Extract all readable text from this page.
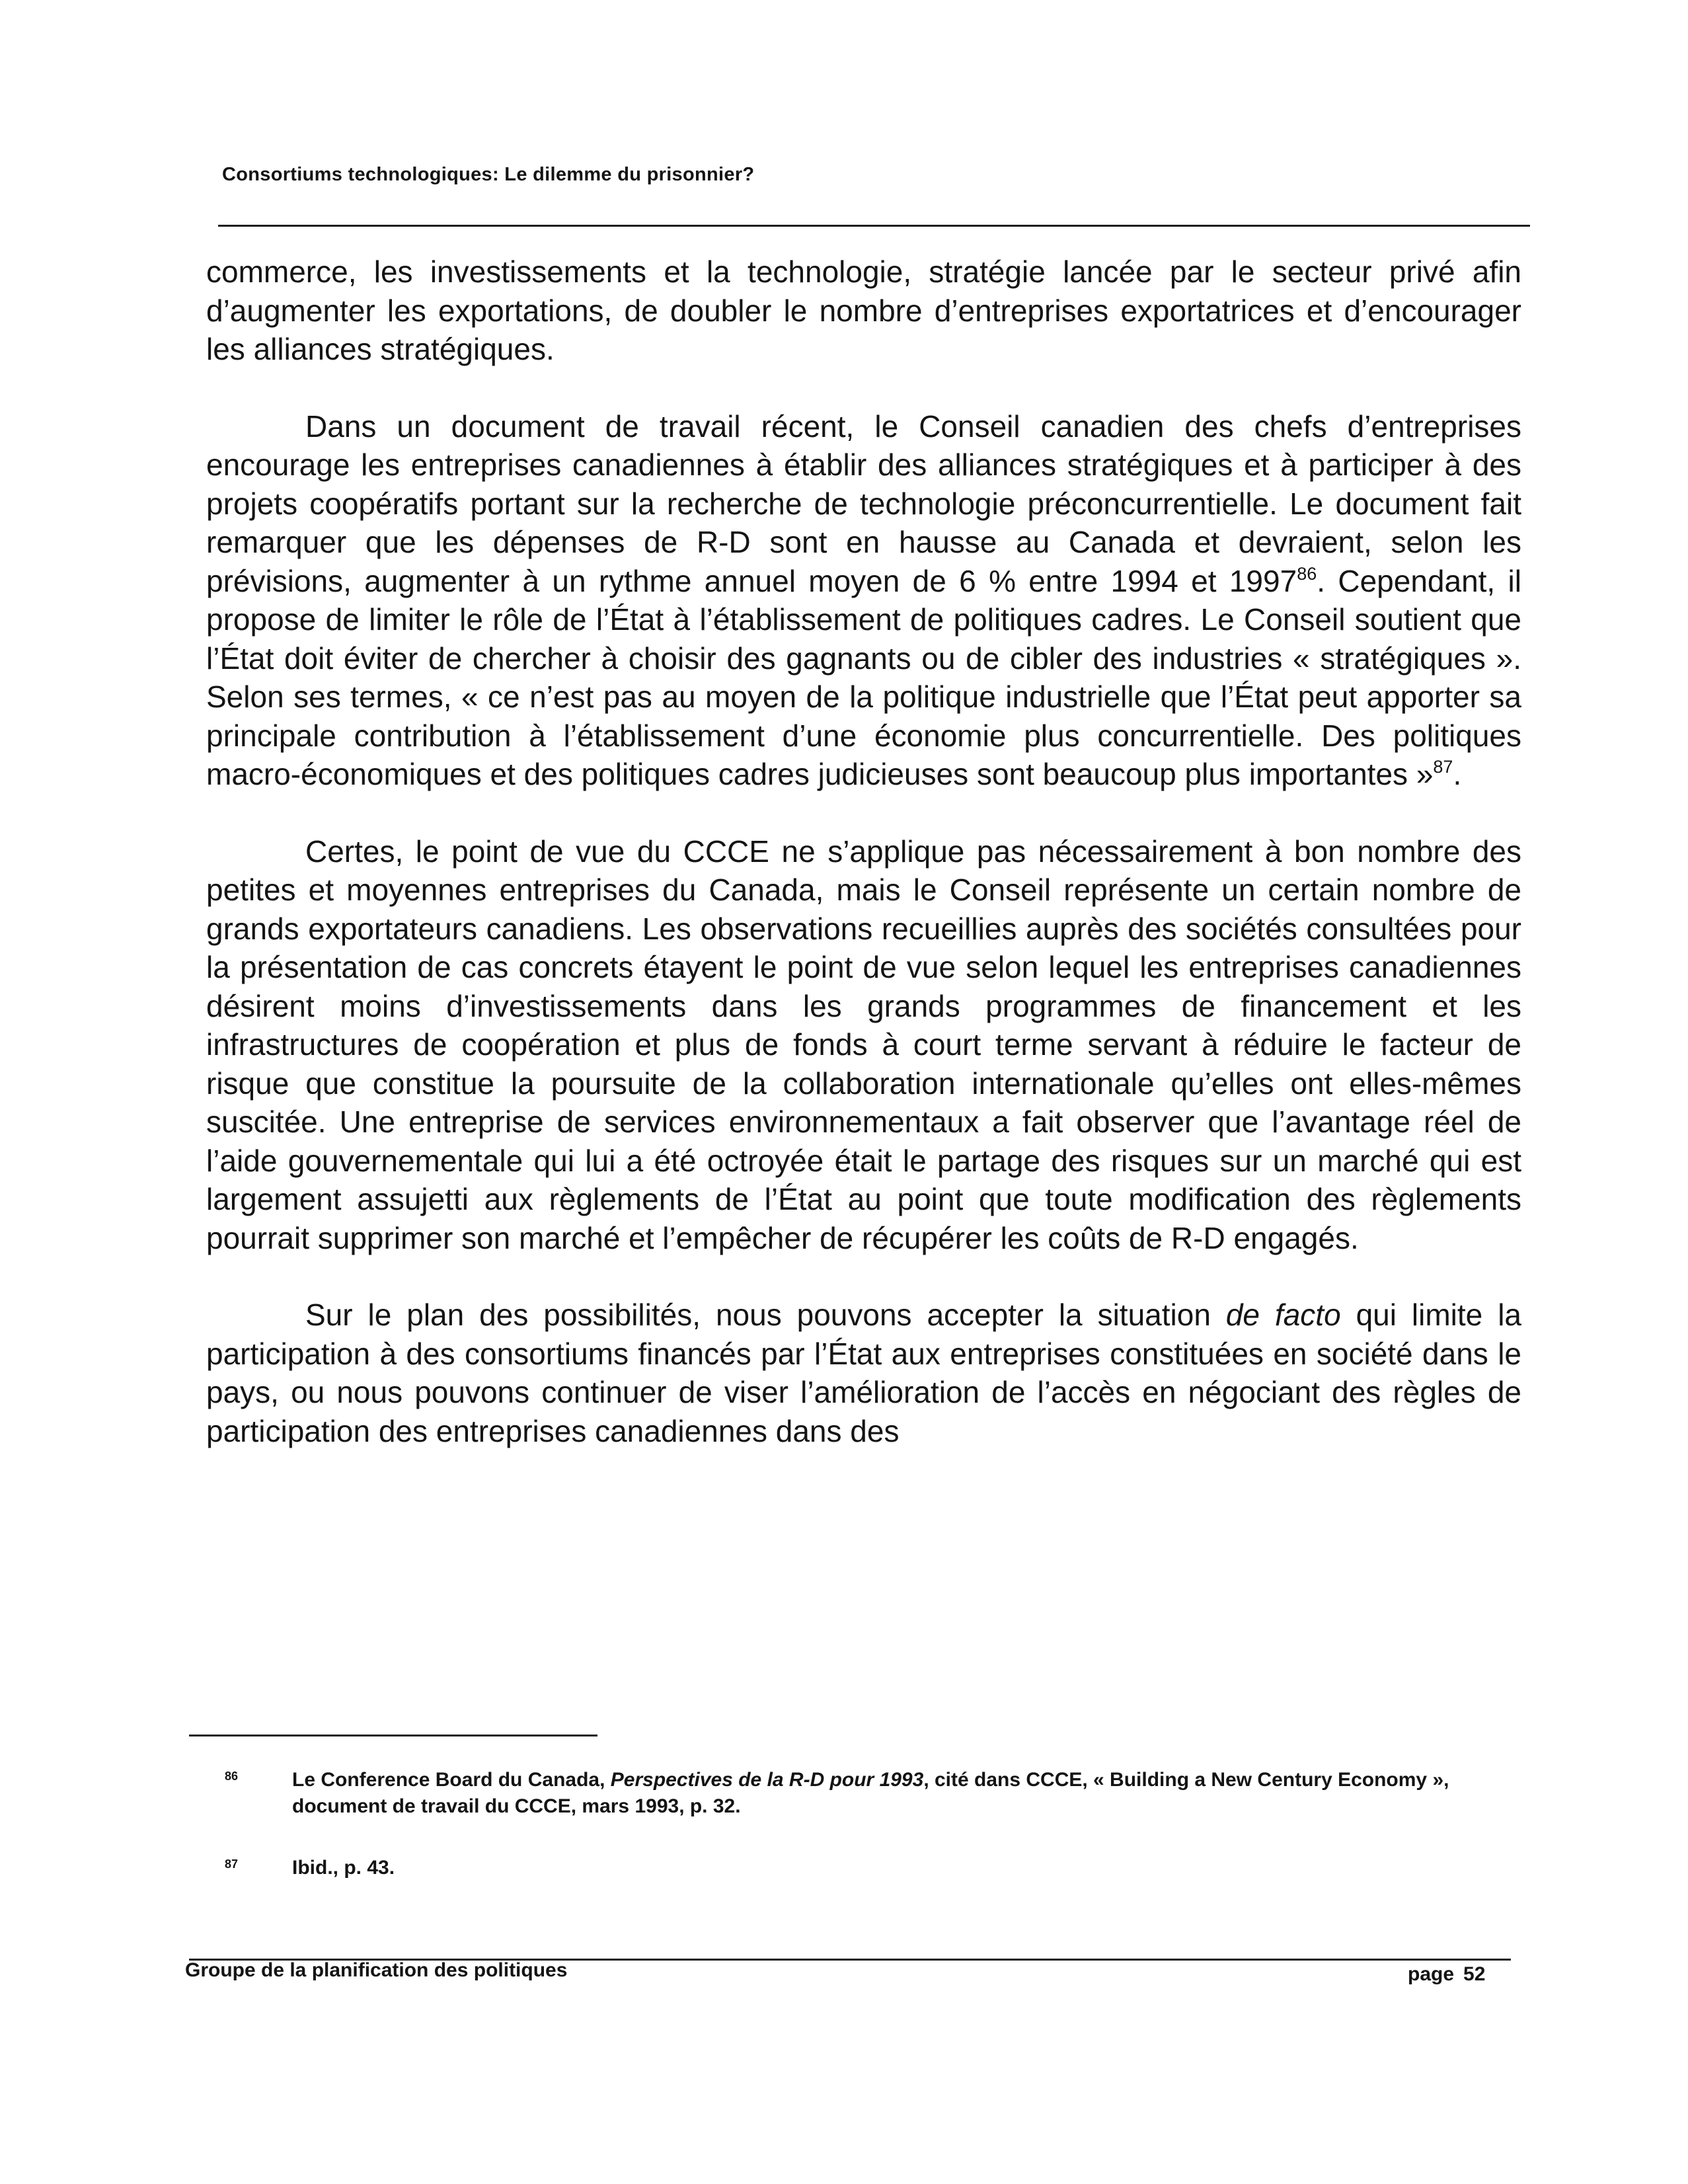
Consortiums technologiques: Le dilemme du prisonnier?

commerce, les investissements et la technologie, stratégie lancée par le secteur privé afin d’augmenter les exportations, de doubler le nombre d’entreprises exportatrices et d’encourager les alliances stratégiques.

Dans un document de travail récent, le Conseil canadien des chefs d’entreprises encourage les entreprises canadiennes à établir des alliances stratégiques et à participer à des projets coopératifs portant sur la recherche de technologie préconcurrentielle. Le document fait remarquer que les dépenses de R-D sont en hausse au Canada et devraient, selon les prévisions, augmenter à un rythme annuel moyen de 6 % entre 1994 et 1997$^{86}$. Cependant, il propose de limiter le rôle de l’État à l’établissement de politiques cadres. Le Conseil soutient que l’État doit éviter de chercher à choisir des gagnants ou de cibler des industries « stratégiques ». Selon ses termes, « ce n’est pas au moyen de la politique industrielle que l’État peut apporter sa principale contribution à l’établissement d’une économie plus concurrentielle. Des politiques macro-économiques et des politiques cadres judicieuses sont beaucoup plus importantes »$^{87}$.

Certes, le point de vue du CCCE ne s’applique pas nécessairement à bon nombre des petites et moyennes entreprises du Canada, mais le Conseil représente un certain nombre de grands exportateurs canadiens. Les observations recueillies auprès des sociétés consultées pour la présentation de cas concrets étayent le point de vue selon lequel les entreprises canadiennes désirent moins d’investissements dans les grands programmes de financement et les infrastructures de coopération et plus de fonds à court terme servant à réduire le facteur de risque que constitue la poursuite de la collaboration internationale qu’elles ont elles-mêmes suscitée. Une entreprise de services environnementaux a fait observer que l’avantage réel de l’aide gouvernementale qui lui a été octroyée était le partage des risques sur un marché qui est largement assujetti aux règlements de l’État au point que toute modification des règlements pourrait supprimer son marché et l’empêcher de récupérer les coûts de R-D engagés.

Sur le plan des possibilités, nous pouvons accepter la situation de facto qui limite la participation à des consortiums financés par l’État aux entreprises constituées en société dans le pays, ou nous pouvons continuer de viser l’amélioration de l’accès en négociant des règles de participation des entreprises canadiennes dans des

86	Le Conference Board du Canada, Perspectives de la R-D pour 1993, cité dans CCCE, « Building a New Century Economy », document de travail du CCCE, mars 1993, p. 32.
87	Ibid., p. 43.
Groupe de la planification des politiques	page 52
